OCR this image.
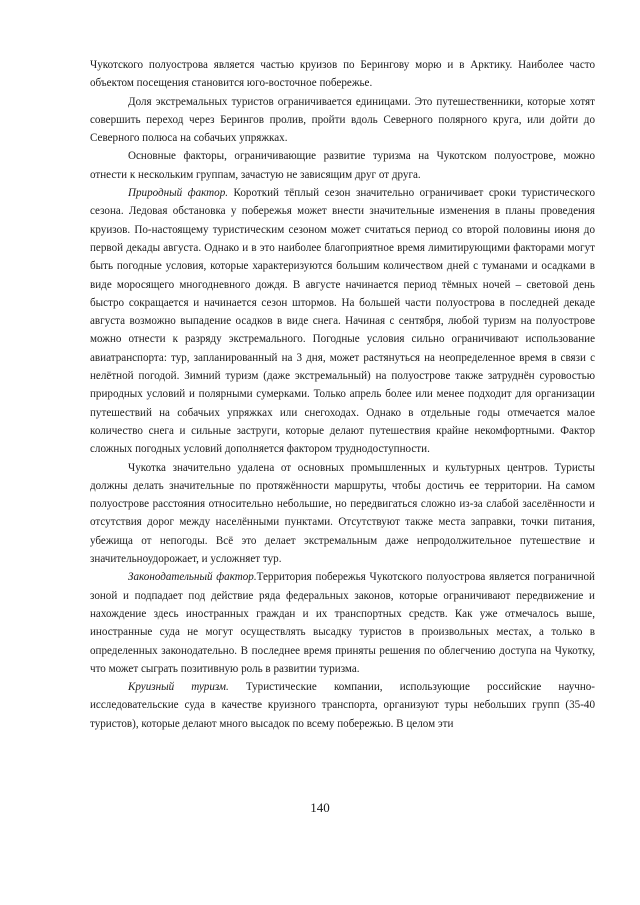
Чукотского полуострова является частью круизов по Берингову морю и в Арктику. Наиболее часто объектом посещения становится юго-восточное побережье.

Доля экстремальных туристов ограничивается единицами. Это путешественники, которые хотят совершить переход через Берингов пролив, пройти вдоль Северного полярного круга, или дойти до Северного полюса на собачьих упряжках.

Основные факторы, ограничивающие развитие туризма на Чукотском полуострове, можно отнести к нескольким группам, зачастую не зависящим друг от друга.

Природный фактор. Короткий тёплый сезон значительно ограничивает сроки туристического сезона. Ледовая обстановка у побережья может внести значительные изменения в планы проведения круизов. По-настоящему туристическим сезоном может считаться период со второй половины июня до первой декады августа. Однако и в это наиболее благоприятное время лимитирующими факторами могут быть погодные условия, которые характеризуются большим количеством дней с туманами и осадками в виде моросящего многодневного дождя. В августе начинается период тёмных ночей – световой день быстро сокращается и начинается сезон штормов. На большей части полуострова в последней декаде августа возможно выпадение осадков в виде снега. Начиная с сентября, любой туризм на полуострове можно отнести к разряду экстремального. Погодные условия сильно ограничивают использование авиатранспорта: тур, запланированный на 3 дня, может растянуться на неопределенное время в связи с нелётной погодой. Зимний туризм (даже экстремальный) на полуострове также затруднён суровостью природных условий и полярными сумерками. Только апрель более или менее подходит для организации путешествий на собачьих упряжках или снегоходах. Однако в отдельные годы отмечается малое количество снега и сильные заструги, которые делают путешествия крайне некомфортными. Фактор сложных погодных условий дополняется фактором труднодоступности.

Чукотка значительно удалена от основных промышленных и культурных центров. Туристы должны делать значительные по протяжённости маршруты, чтобы достичь ее территории. На самом полуострове расстояния относительно небольшие, но передвигаться сложно из-за слабой заселённости и отсутствия дорог между населёнными пунктами. Отсутствуют также места заправки, точки питания, убежища от непогоды. Всё это делает экстремальным даже непродолжительное путешествие и значительноудорожает, и усложняет тур.

Законодательный фактор.Территория побережья Чукотского полуострова является пограничной зоной и подпадает под действие ряда федеральных законов, которые ограничивают передвижение и нахождение здесь иностранных граждан и их транспортных средств. Как уже отмечалось выше, иностранные суда не могут осуществлять высадку туристов в произвольных местах, а только в определенных законодательно. В последнее время приняты решения по облегчению доступа на Чукотку, что может сыграть позитивную роль в развитии туризма.

Круизный туризм. Туристические компании, использующие российские научно-исследовательские суда в качестве круизного транспорта, организуют туры небольших групп (35-40 туристов), которые делают много высадок по всему побережью. В целом эти

140
